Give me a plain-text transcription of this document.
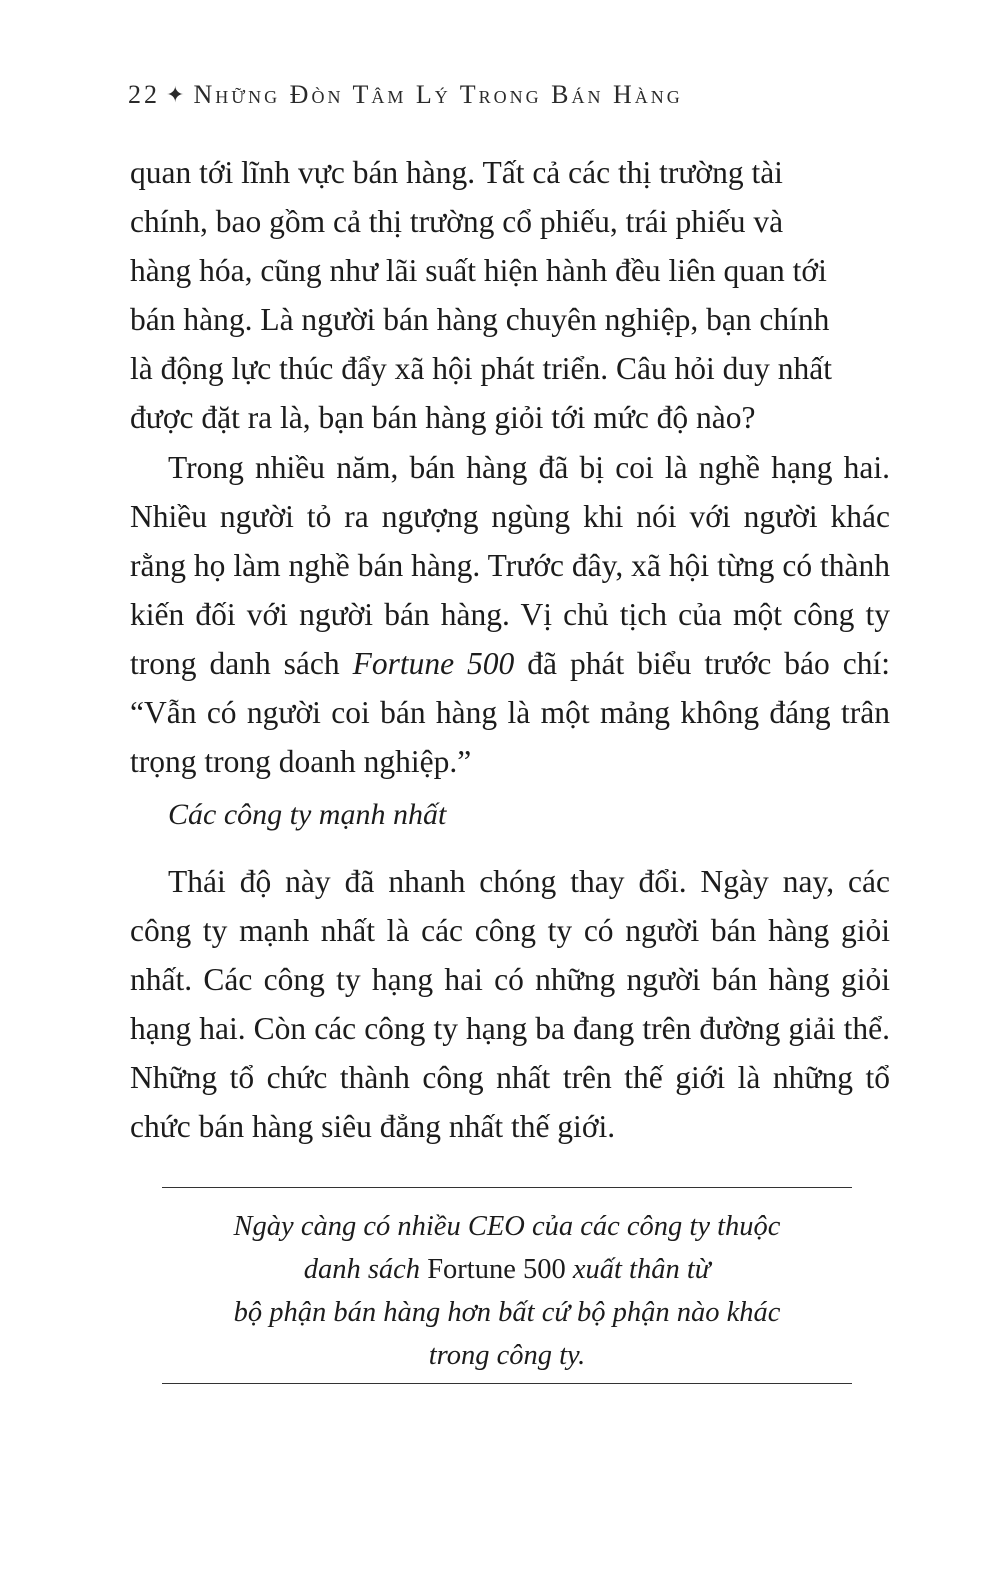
22 ✦ Những Đòn Tâm Lý Trong Bán Hàng

quan tới lĩnh vực bán hàng. Tất cả các thị trường tài
chính, bao gồm cả thị trường cổ phiếu, trái phiếu và
hàng hóa, cũng như lãi suất hiện hành đều liên quan tới
bán hàng. Là người bán hàng chuyên nghiệp, bạn chính
là động lực thúc đẩy xã hội phát triển. Câu hỏi duy nhất
được đặt ra là, bạn bán hàng giỏi tới mức độ nào?

Trong nhiều năm, bán hàng đã bị coi là nghề hạng hai. Nhiều người tỏ ra ngượng ngùng khi nói với người khác rằng họ làm nghề bán hàng. Trước đây, xã hội từng có thành kiến đối với người bán hàng. Vị chủ tịch của một công ty trong danh sách Fortune 500 đã phát biểu trước báo chí: “Vẫn có người coi bán hàng là một mảng không đáng trân trọng trong doanh nghiệp.”

Các công ty mạnh nhất

Thái độ này đã nhanh chóng thay đổi. Ngày nay, các công ty mạnh nhất là các công ty có người bán hàng giỏi nhất. Các công ty hạng hai có những người bán hàng giỏi hạng hai. Còn các công ty hạng ba đang trên đường giải thể. Những tổ chức thành công nhất trên thế giới là những tổ chức bán hàng siêu đẳng nhất thế giới.

Ngày càng có nhiều CEO của các công ty thuộc
danh sách Fortune 500 xuất thân từ
bộ phận bán hàng hơn bất cứ bộ phận nào khác
trong công ty.
